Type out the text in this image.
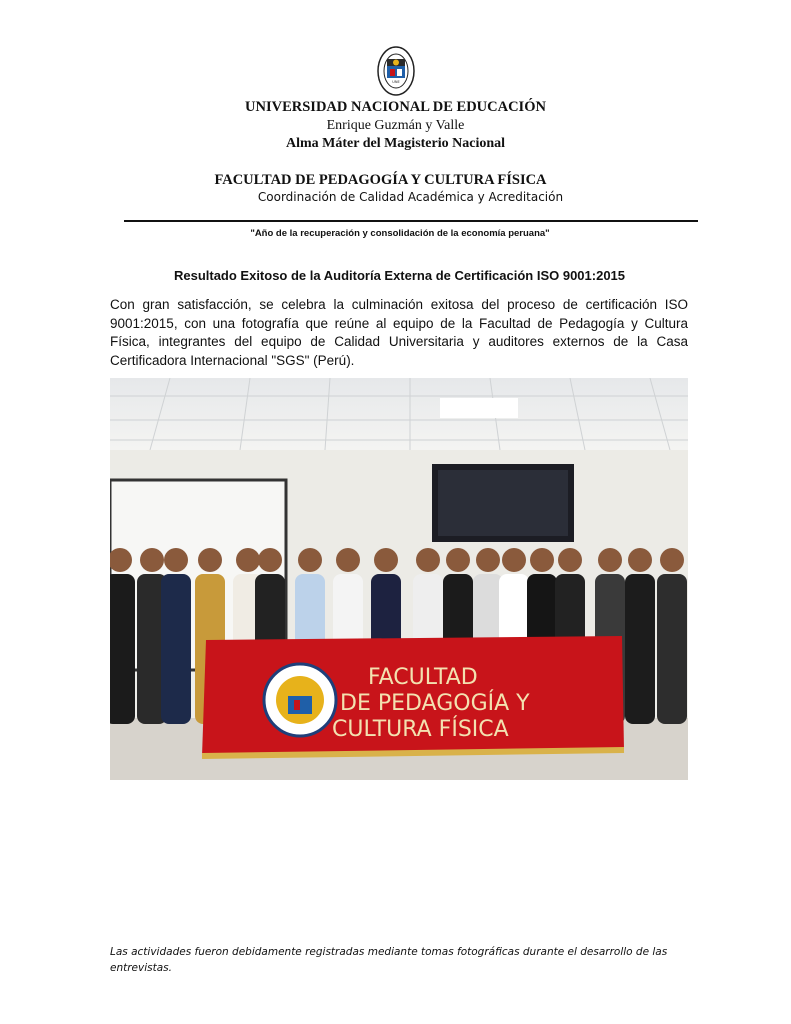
UNE
UNIVERSIDAD NACIONAL DE EDUCACIÓN
Enrique Guzmán y Valle
Alma Máter del Magisterio Nacional
FACULTAD DE PEDAGOGÍA Y CULTURA FÍSICA
Coordinación de Calidad Académica y Acreditación
"Año de la recuperación y consolidación de la economía peruana"
Resultado Exitoso de la Auditoría Externa de Certificación ISO 9001:2015

Con gran satisfacción, se celebra la culminación exitosa del proceso de certificación ISO 9001:2015, con una fotografía que reúne al equipo de la Facultad de Pedagogía y Cultura Física, integrantes del equipo de Calidad Universitaria y auditores externos de la Casa Certificadora Internacional "SGS" (Perú).

FACULTAD
DE PEDAGOGÍA Y
CULTURA FÍSICA

Las actividades fueron debidamente registradas mediante tomas fotográficas durante el desarrollo de las entrevistas.
